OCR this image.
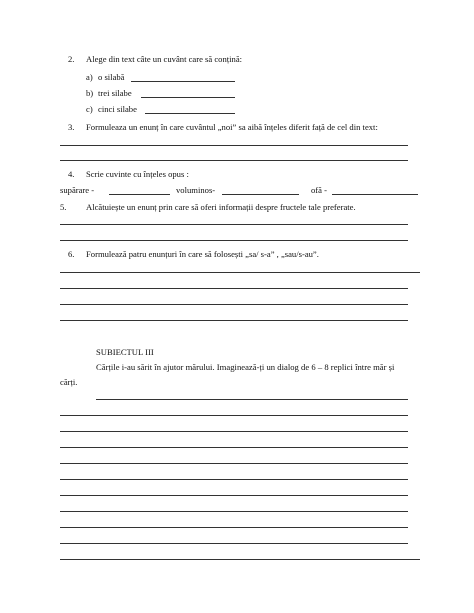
2. Alege din text câte un cuvânt care să conțină:
a) o silabă
b) trei silabe
c) cinci silabe
3. Formuleaza un enunț în care cuvântul „noi” sa aibă înțeles diferit față de cel din text:
4. Scrie cuvinte cu înțeles opus :
supărare -	voluminos-	ofă -
5. Alcătuiește un enunț prin care să oferi informații despre fructele tale preferate.
6. Formulează patru enunțuri în care să folosești „sa/ s-a” , „sau/s-au”.
SUBIECTUL III
Cărțile i-au sărit în ajutor mărului. Imaginează-ți un dialog de 6 – 8 replici între măr și
cărți.
